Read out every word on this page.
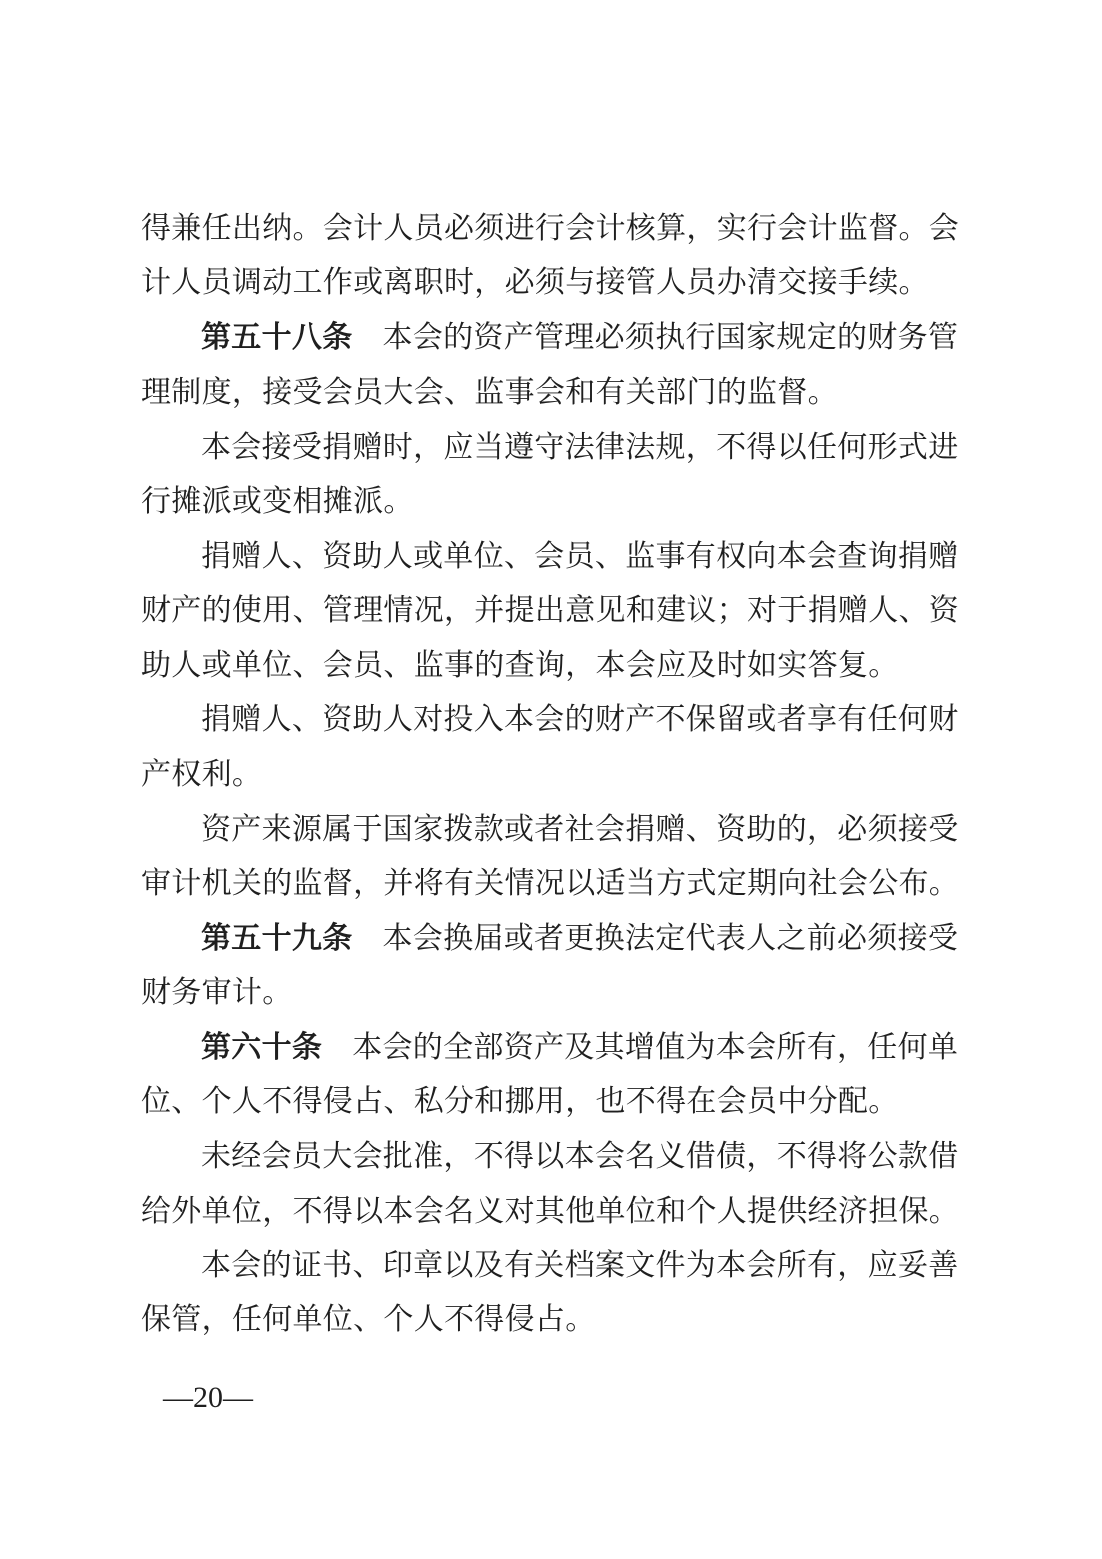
得兼任出纳。会计人员必须进行会计核算，实行会计监督。会
计人员调动工作或离职时，必须与接管人员办清交接手续。
第五十八条 本会的资产管理必须执行国家规定的财务管
理制度，接受会员大会、监事会和有关部门的监督。
本会接受捐赠时，应当遵守法律法规，不得以任何形式进
行摊派或变相摊派。
捐赠人、资助人或单位、会员、监事有权向本会查询捐赠
财产的使用、管理情况，并提出意见和建议；对于捐赠人、资
助人或单位、会员、监事的查询，本会应及时如实答复。
捐赠人、资助人对投入本会的财产不保留或者享有任何财
产权利。
资产来源属于国家拨款或者社会捐赠、资助的，必须接受
审计机关的监督，并将有关情况以适当方式定期向社会公布。
第五十九条 本会换届或者更换法定代表人之前必须接受
财务审计。
第六十条 本会的全部资产及其增值为本会所有，任何单
位、个人不得侵占、私分和挪用，也不得在会员中分配。
未经会员大会批准，不得以本会名义借债，不得将公款借
给外单位，不得以本会名义对其他单位和个人提供经济担保。
本会的证书、印章以及有关档案文件为本会所有，应妥善
保管，任何单位、个人不得侵占。
—20—
